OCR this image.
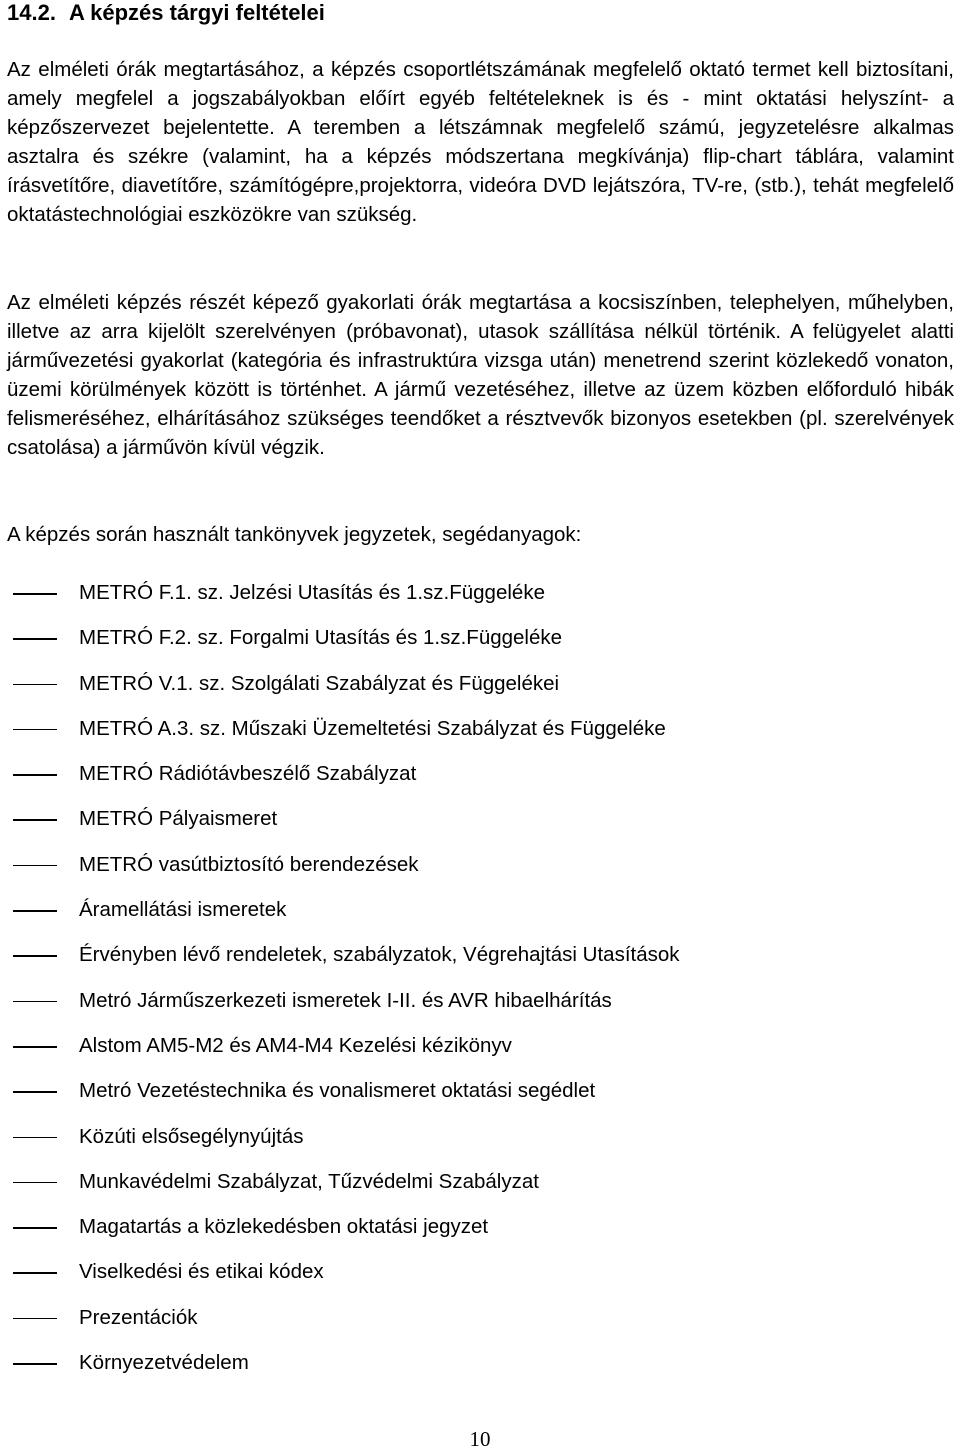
14.2. A képzés tárgyi feltételei

Az elméleti órák megtartásához, a képzés csoportlétszámának megfelelő oktató termet kell biztosítani, amely megfelel a jogszabályokban előírt egyéb feltételeknek is és - mint oktatási helyszínt- a képzőszervezet bejelentette. A teremben a létszámnak megfelelő számú, jegyzetelésre alkalmas asztalra és székre (valamint, ha a képzés módszertana megkívánja) flip-chart táblára, valamint írásvetítőre, diavetítőre, számítógépre,projektorra, videóra DVD lejátszóra, TV-re, (stb.), tehát megfelelő oktatástechnológiai eszközökre van szükség.

Az elméleti képzés részét képező gyakorlati órák megtartása a kocsiszínben, telephelyen, műhelyben, illetve az arra kijelölt szerelvényen (próbavonat), utasok szállítása nélkül történik. A felügyelet alatti járművezetési gyakorlat (kategória és infrastruktúra vizsga után) menetrend szerint közlekedő vonaton, üzemi körülmények között is történhet. A jármű vezetéséhez, illetve az üzem közben előforduló hibák felismeréséhez, elhárításához szükséges teendőket a résztvevők bizonyos esetekben (pl. szerelvények csatolása) a járművön kívül végzik.

A képzés során használt tankönyvek jegyzetek, segédanyagok:

METRÓ F.1. sz. Jelzési Utasítás és 1.sz.Függeléke
METRÓ F.2. sz. Forgalmi Utasítás és 1.sz.Függeléke
METRÓ V.1. sz. Szolgálati Szabályzat és Függelékei
METRÓ A.3. sz. Műszaki Üzemeltetési Szabályzat és Függeléke
METRÓ Rádiótávbeszélő Szabályzat
METRÓ Pályaismeret
METRÓ vasútbiztosító berendezések
Áramellátási ismeretek
Érvényben lévő rendeletek, szabályzatok, Végrehajtási Utasítások
Metró Járműszerkezeti ismeretek I-II. és AVR hibaelhárítás
Alstom AM5-M2 és AM4-M4 Kezelési kézikönyv
Metró Vezetéstechnika és vonalismeret oktatási segédlet
Közúti elsősegélynyújtás
Munkavédelmi Szabályzat, Tűzvédelmi Szabályzat
Magatartás a közlekedésben oktatási jegyzet
Viselkedési és etikai kódex
Prezentációk
Környezetvédelem
10
